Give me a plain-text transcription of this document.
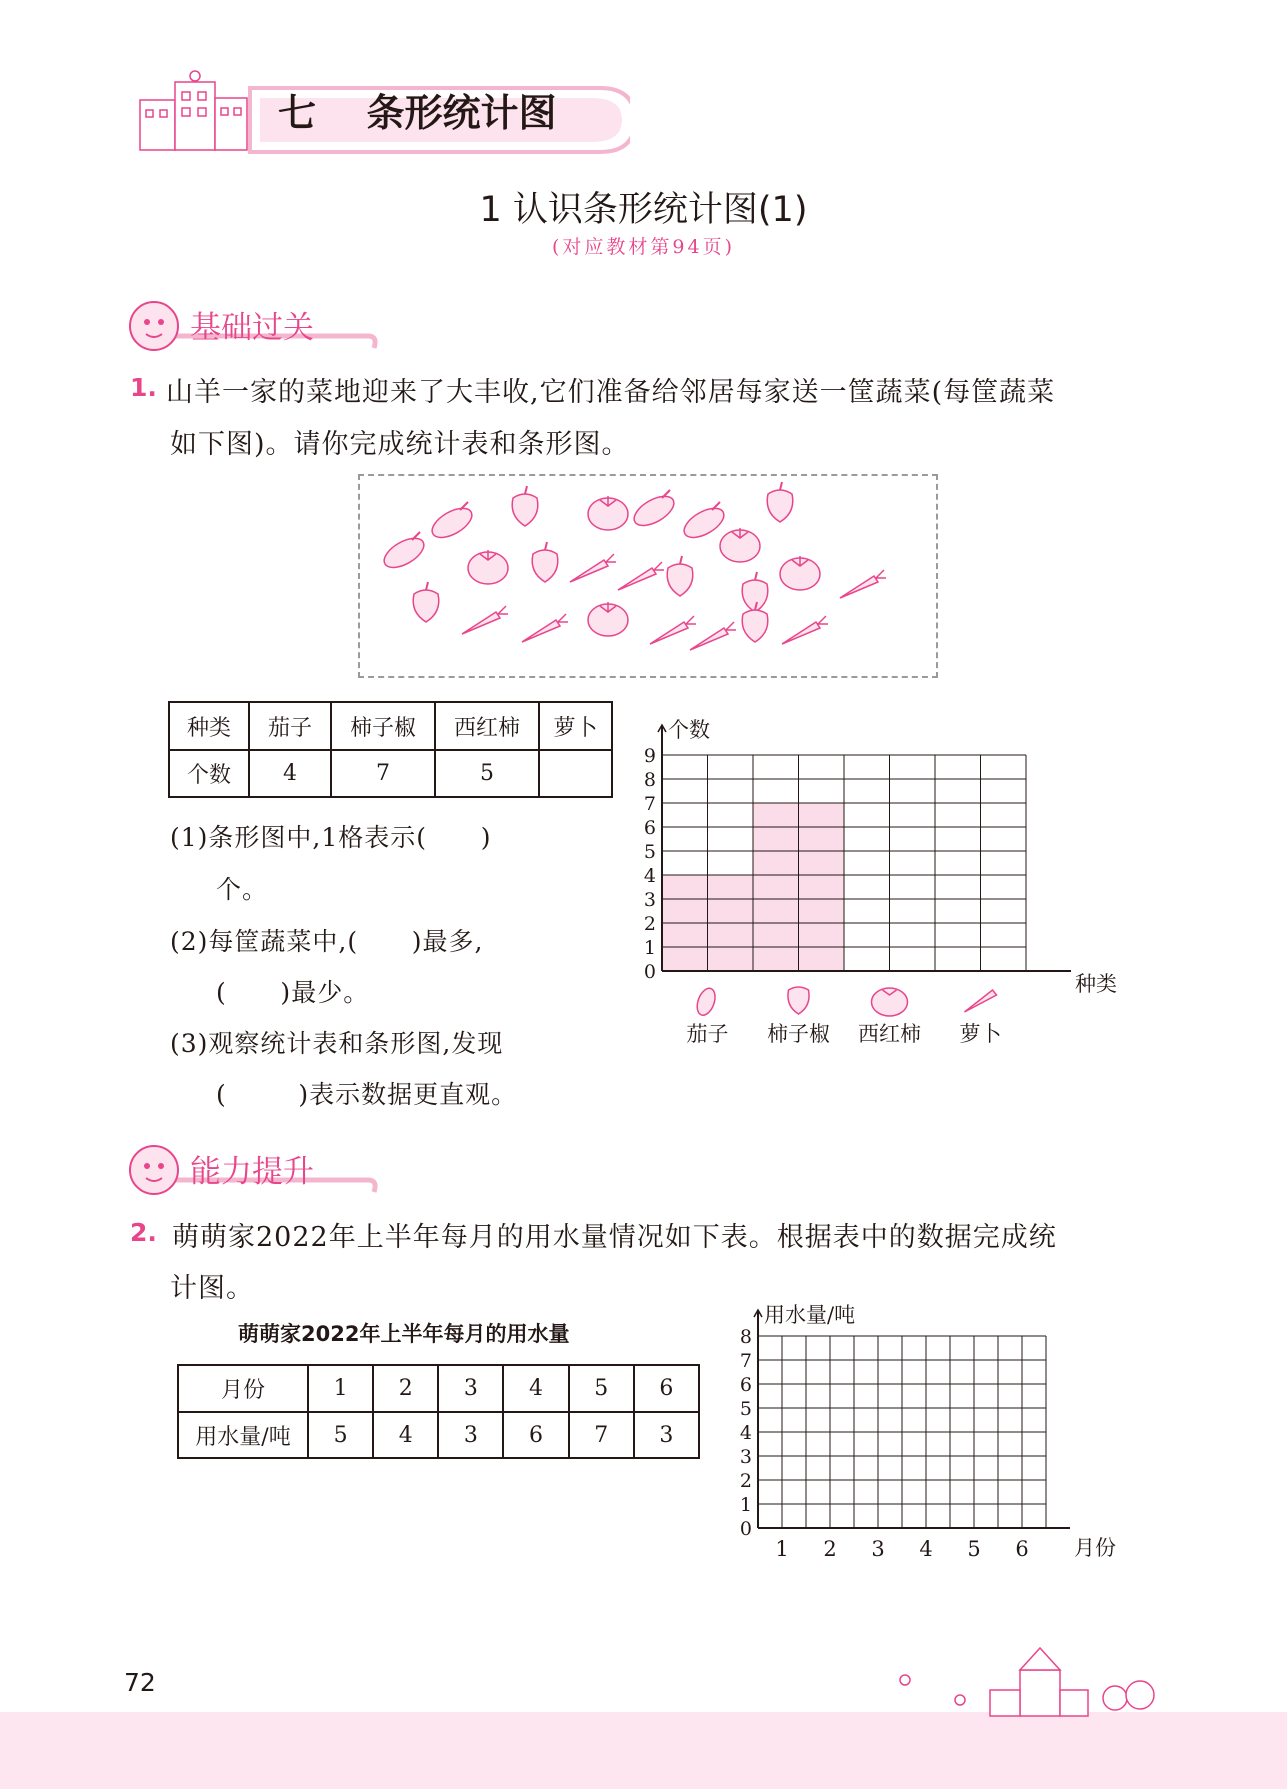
七 条形统计图
1 认识条形统计图(1)
(对应教材第94页)
基础过关
1. 山羊一家的菜地迎来了大丰收,它们准备给邻居每家送一筐蔬菜(每筐蔬菜
如下图)。请你完成统计表和条形图。
种类	茄子	柿子椒	西红柿	萝卜
个数	4	7	5	
(1)条形图中,1格表示(      )
个。
(2)每筐蔬菜中,(      )最多,
(      )最少。
(3)观察统计表和条形图,发现
(        )表示数据更直观。
0
1
2
3
4
5
6
7
8
9
个数
种类
茄子 柿子椒 西红柿 萝卜
能力提升
2. 萌萌家2022年上半年每月的用水量情况如下表。根据表中的数据完成统
计图。
萌萌家2022年上半年每月的用水量
月份	1	2	3	4	5	6
用水量/吨	5	4	3	6	7	3
0
1
2
3
4
5
6
7
8
用水量/吨
月份
1 2 3 4 5 6
72
